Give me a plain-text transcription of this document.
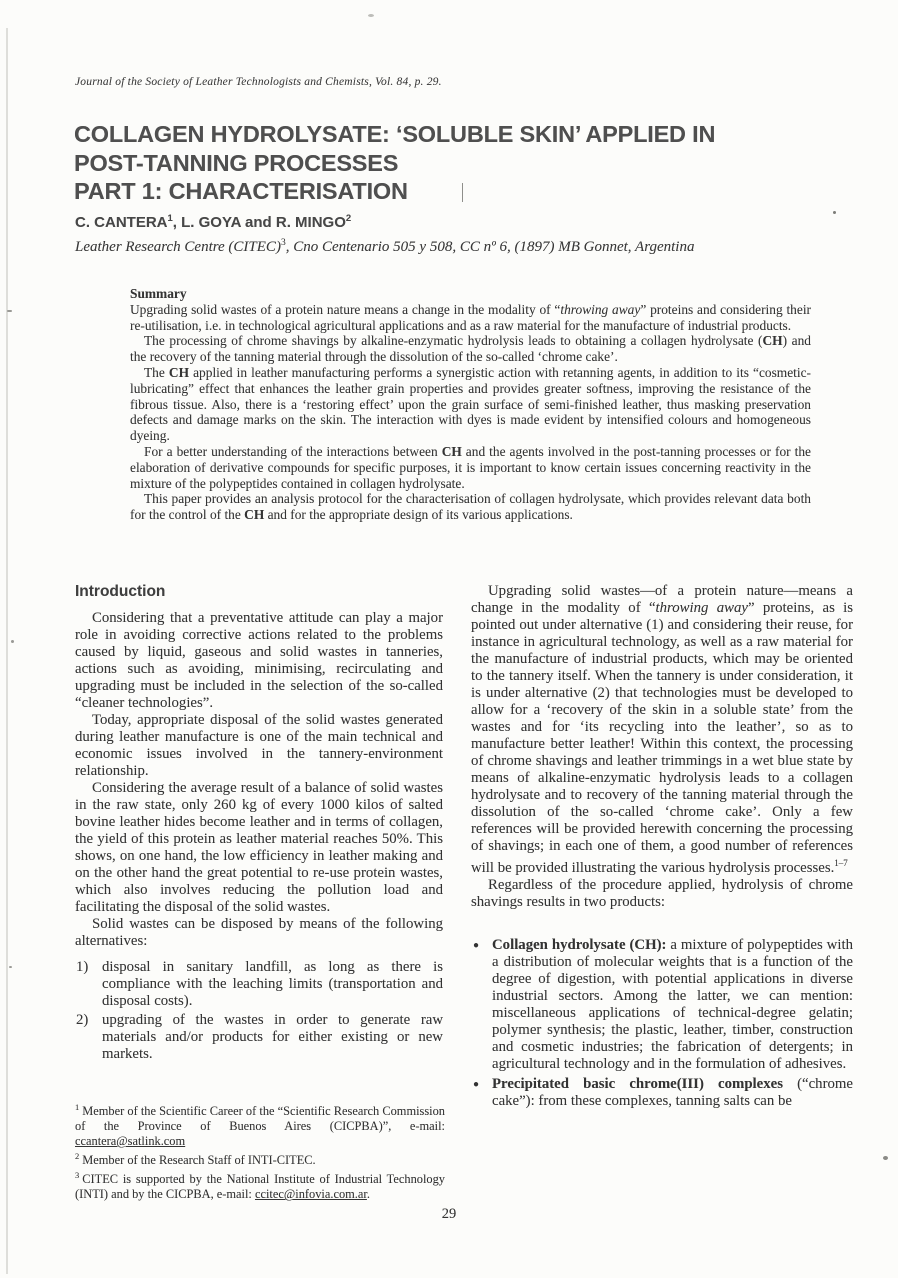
Journal of the Society of Leather Technologists and Chemists, Vol. 84, p. 29.
COLLAGEN HYDROLYSATE: ‘SOLUBLE SKIN’ APPLIED IN
POST-TANNING PROCESSES
PART 1: CHARACTERISATION
C. CANTERA$^1$, L. GOYA and R. MINGO$^2$
Leather Research Centre (CITEC)$^3$, Cno Centenario 505 y 508, CC nº 6, (1897) MB Gonnet, Argentina
Summary

Upgrading solid wastes of a protein nature means a change in the modality of “throwing away” proteins and considering their re-utilisation, i.e. in technological agricultural applications and as a raw material for the manufacture of industrial products.

The processing of chrome shavings by alkaline-enzymatic hydrolysis leads to obtaining a collagen hydrolysate (CH) and the recovery of the tanning material through the dissolution of the so-called ‘chrome cake’.

The CH applied in leather manufacturing performs a synergistic action with retanning agents, in addition to its “cosmetic-lubricating” effect that enhances the leather grain properties and provides greater softness, improving the resistance of the fibrous tissue. Also, there is a ‘restoring effect’ upon the grain surface of semi-finished leather, thus masking preservation defects and damage marks on the skin. The interaction with dyes is made evident by intensified colours and homogeneous dyeing.

For a better understanding of the interactions between CH and the agents involved in the post-tanning processes or for the elaboration of derivative compounds for specific purposes, it is important to know certain issues concerning reactivity in the mixture of the polypeptides contained in collagen hydrolysate.

This paper provides an analysis protocol for the characterisation of collagen hydrolysate, which provides relevant data both for the control of the CH and for the appropriate design of its various applications.

Introduction

Considering that a preventative attitude can play a major role in avoiding corrective actions related to the problems caused by liquid, gaseous and solid wastes in tanneries, actions such as avoiding, minimising, recirculating and upgrading must be included in the selection of the so-called “cleaner technologies”.

Today, appropriate disposal of the solid wastes generated during leather manufacture is one of the main technical and economic issues involved in the tannery-environment relationship.

Considering the average result of a balance of solid wastes in the raw state, only 260 kg of every 1000 kilos of salted bovine leather hides become leather and in terms of collagen, the yield of this protein as leather material reaches 50%. This shows, on one hand, the low efficiency in leather making and on the other hand the great potential to re-use protein wastes, which also involves reducing the pollution load and facilitating the disposal of the solid wastes.

Solid wastes can be disposed by means of the following alternatives:

1) disposal in sanitary landfill, as long as there is compliance with the leaching limits (transportation and disposal costs).
2) upgrading of the wastes in order to generate raw materials and/or products for either existing or new markets.

Upgrading solid wastes—of a protein nature—means a change in the modality of “throwing away” proteins, as is pointed out under alternative (1) and considering their reuse, for instance in agricultural technology, as well as a raw material for the manufacture of industrial products, which may be oriented to the tannery itself. When the tannery is under consideration, it is under alternative (2) that technologies must be developed to allow for a ‘recovery of the skin in a soluble state’ from the wastes and for ‘its recycling into the leather’, so as to manufacture better leather! Within this context, the processing of chrome shavings and leather trimmings in a wet blue state by means of alkaline-enzymatic hydrolysis leads to a collagen hydrolysate and to recovery of the tanning material through the dissolution of the so-called ‘chrome cake’. Only a few references will be provided herewith concerning the processing of shavings; in each one of them, a good number of references will be provided illustrating the various hydrolysis processes.$^{1-7}$

Regardless of the procedure applied, hydrolysis of chrome shavings results in two products:

● Collagen hydrolysate (CH): a mixture of polypeptides with a distribution of molecular weights that is a function of the degree of digestion, with potential applications in diverse industrial sectors. Among the latter, we can mention: miscellaneous applications of technical-degree gelatin; polymer synthesis; the plastic, leather, timber, construction and cosmetic industries; the fabrication of detergents; in agricultural technology and in the formulation of adhesives.
● Precipitated basic chrome(III) complexes (“chrome cake”): from these complexes, tanning salts can be
$^1$ Member of the Scientific Career of the “Scientific Research Commission of the Province of Buenos Aires (CICPBA)”, e-mail: ccantera@satlink.com
$^2$ Member of the Research Staff of INTI-CITEC.
$^3$ CITEC is supported by the National Institute of Industrial Technology (INTI) and by the CICPBA, e-mail: ccitec@infovia.com.ar.
29
